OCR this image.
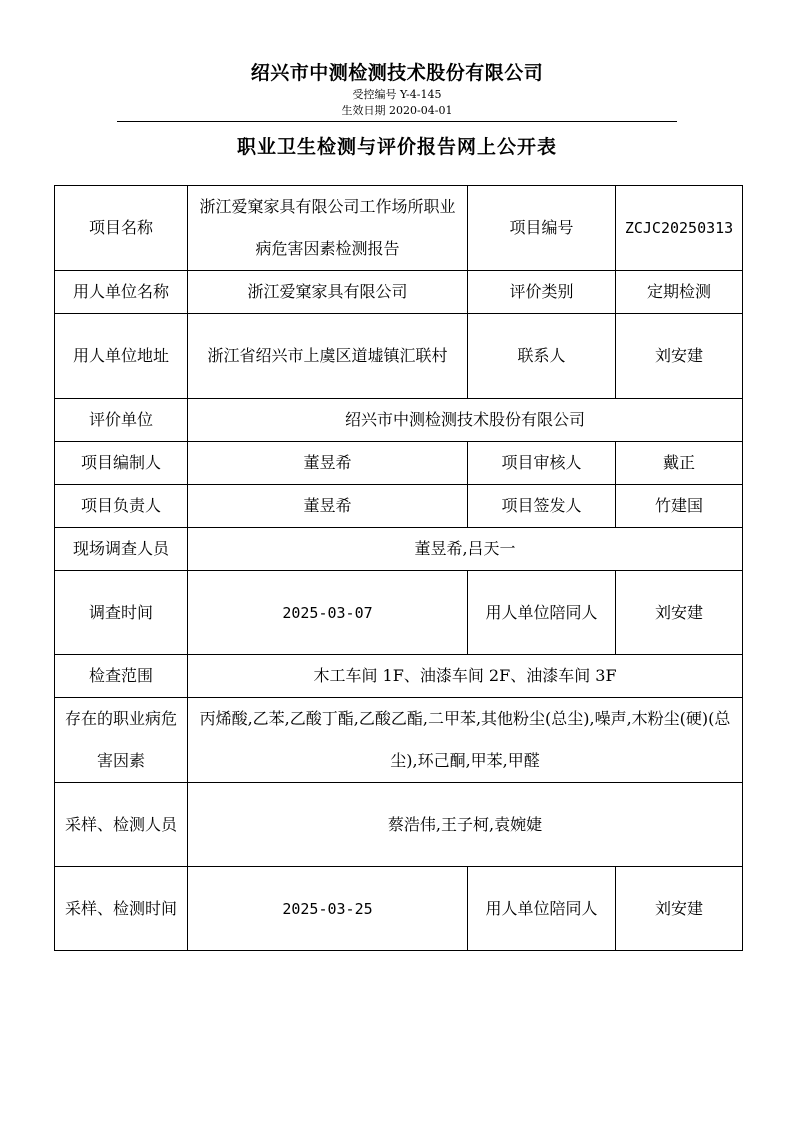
绍兴市中测检测技术股份有限公司
受控编号 Y-4-145
生效日期 2020-04-01
职业卫生检测与评价报告网上公开表
项目名称	浙江爱窠家具有限公司工作场所职业病危害因素检测报告	项目编号	ZCJC20250313
用人单位名称	浙江爱窠家具有限公司	评价类别	定期检测
用人单位地址	浙江省绍兴市上虞区道墟镇汇联村	联系人	刘安建
评价单位	绍兴市中测检测技术股份有限公司		
项目编制人	董昱希	项目审核人	戴正
项目负责人	董昱希	项目签发人	竹建国
现场调查人员	董昱希,吕天一		
调查时间	2025-03-07	用人单位陪同人	刘安建
检查范围	木工车间 1F、油漆车间 2F、油漆车间 3F		
存在的职业病危害因素	丙烯酸,乙苯,乙酸丁酯,乙酸乙酯,二甲苯,其他粉尘(总尘),噪声,木粉尘(硬)(总尘),环己酮,甲苯,甲醛		
采样、检测人员	蔡浩伟,王子柯,袁婉婕		
采样、检测时间	2025-03-25	用人单位陪同人	刘安建
